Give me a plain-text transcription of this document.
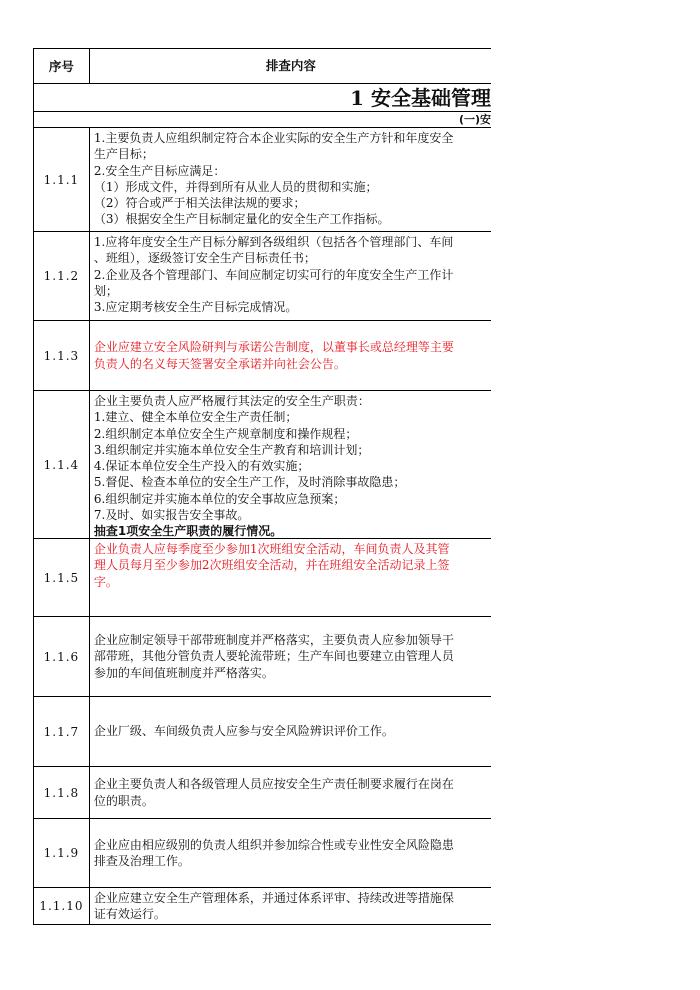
序号	排查内容
1 安全基础管理
(一)安
1.1.1
1.主要负责人应组织制定符合本企业实际的安全生产方针和年度安全
生产目标；
2.安全生产目标应满足：
（1）形成文件，并得到所有从业人员的贯彻和实施；
（2）符合或严于相关法律法规的要求；
（3）根据安全生产目标制定量化的安全生产工作指标。
1.1.2
1.应将年度安全生产目标分解到各级组织（包括各个管理部门、车间
、班组），逐级签订安全生产目标责任书；
2.企业及各个管理部门、车间应制定切实可行的年度安全生产工作计
划；
3.应定期考核安全生产目标完成情况。
1.1.3
企业应建立安全风险研判与承诺公告制度，以董事长或总经理等主要
负责人的名义每天签署安全承诺并向社会公告。
1.1.4
企业主要负责人应严格履行其法定的安全生产职责：
1.建立、健全本单位安全生产责任制；
2.组织制定本单位安全生产规章制度和操作规程；
3.组织制定并实施本单位安全生产教育和培训计划；
4.保证本单位安全生产投入的有效实施；
5.督促、检查本单位的安全生产工作，及时消除事故隐患；
6.组织制定并实施本单位的安全事故应急预案；
7.及时、如实报告安全事故。
抽查1项安全生产职责的履行情况。
1.1.5
企业负责人应每季度至少参加1次班组安全活动，车间负责人及其管
理人员每月至少参加2次班组安全活动，并在班组安全活动记录上签
字。
1.1.6
企业应制定领导干部带班制度并严格落实，主要负责人应参加领导干
部带班，其他分管负责人要轮流带班；生产车间也要建立由管理人员
参加的车间值班制度并严格落实。
1.1.7	企业厂级、车间级负责人应参与安全风险辨识评价工作。
1.1.8
企业主要负责人和各级管理人员应按安全生产责任制要求履行在岗在
位的职责。
1.1.9
企业应由相应级别的负责人组织并参加综合性或专业性安全风险隐患
排查及治理工作。
1.1.10
企业应建立安全生产管理体系，并通过体系评审、持续改进等措施保
证有效运行。
